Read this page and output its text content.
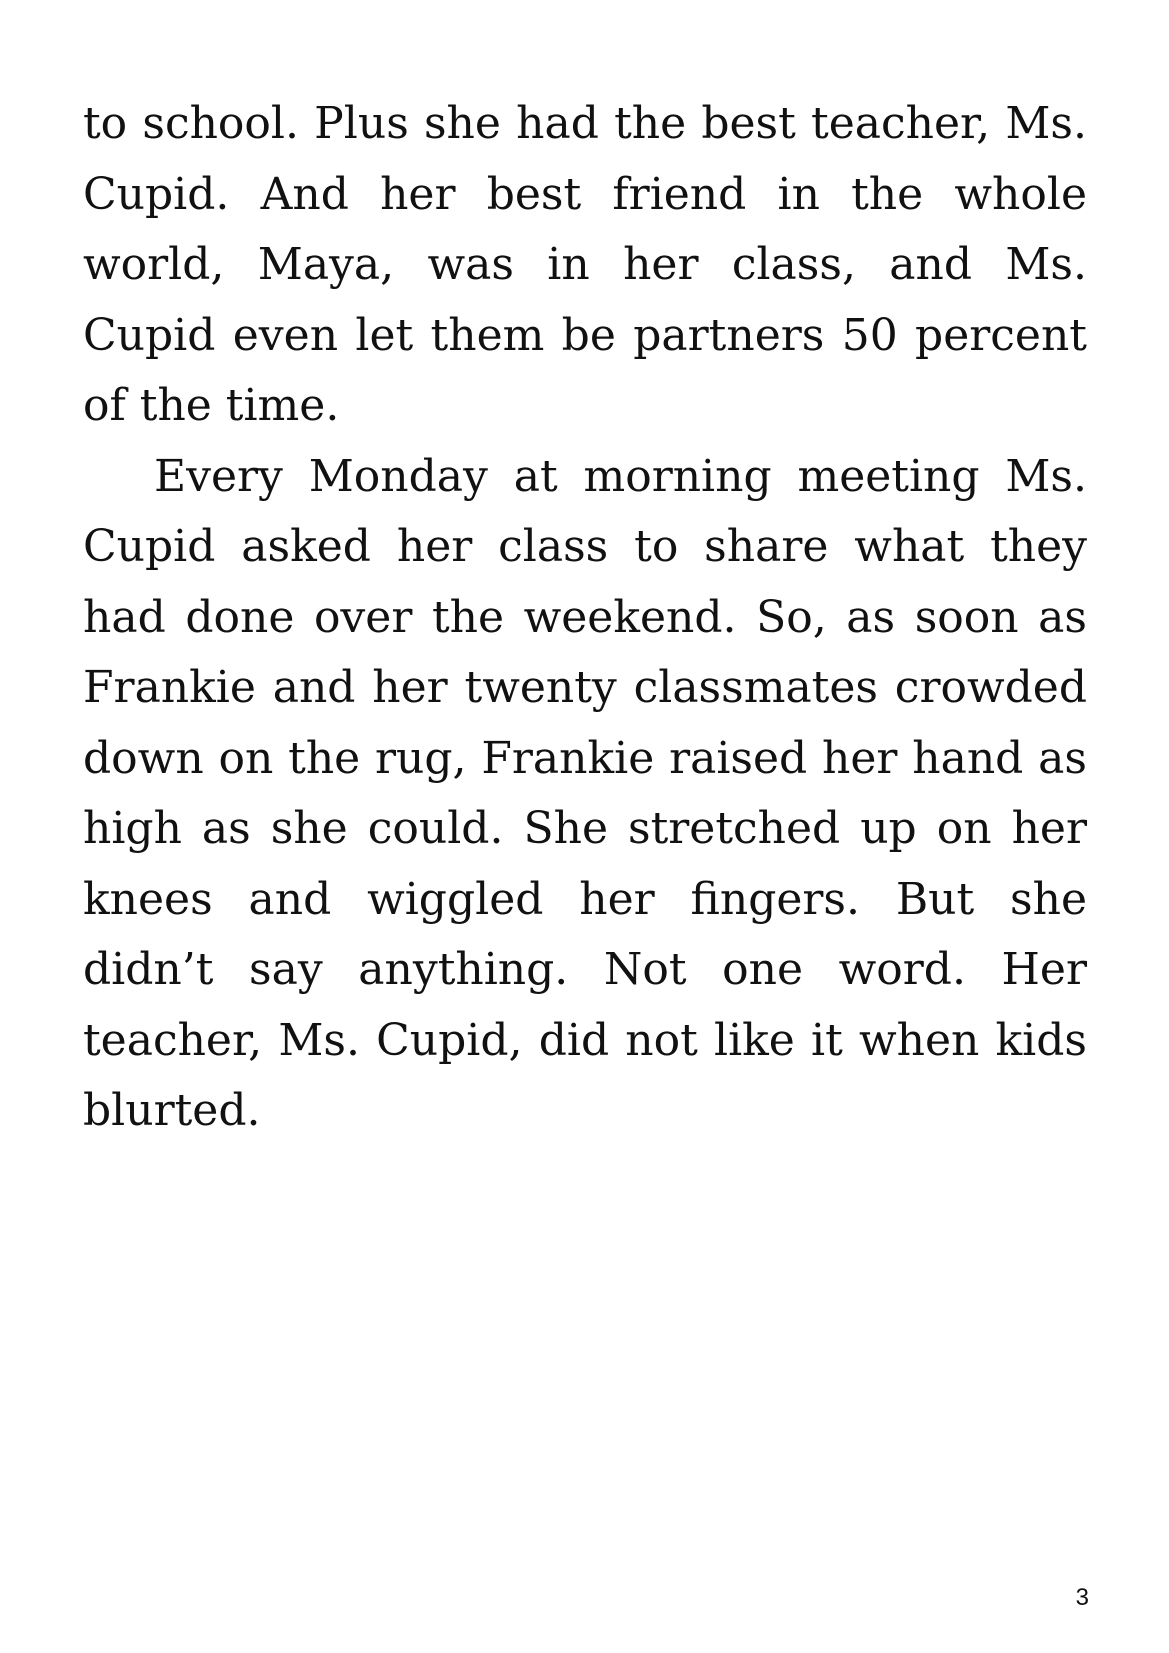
to school. Plus she had the best teacher, Ms. Cupid. And her best friend in the whole world, Maya, was in her class, and Ms. Cupid even let them be partners 50 percent of the time.

Every Monday at morning meeting Ms. Cupid asked her class to share what they had done over the weekend. So, as soon as Frankie and her twenty classmates crowded down on the rug, Frankie raised her hand as high as she could. She stretched up on her knees and wiggled her fingers. But she didn’t say anything. Not one word. Her teacher, Ms. Cupid, did not like it when kids blurted.

3
